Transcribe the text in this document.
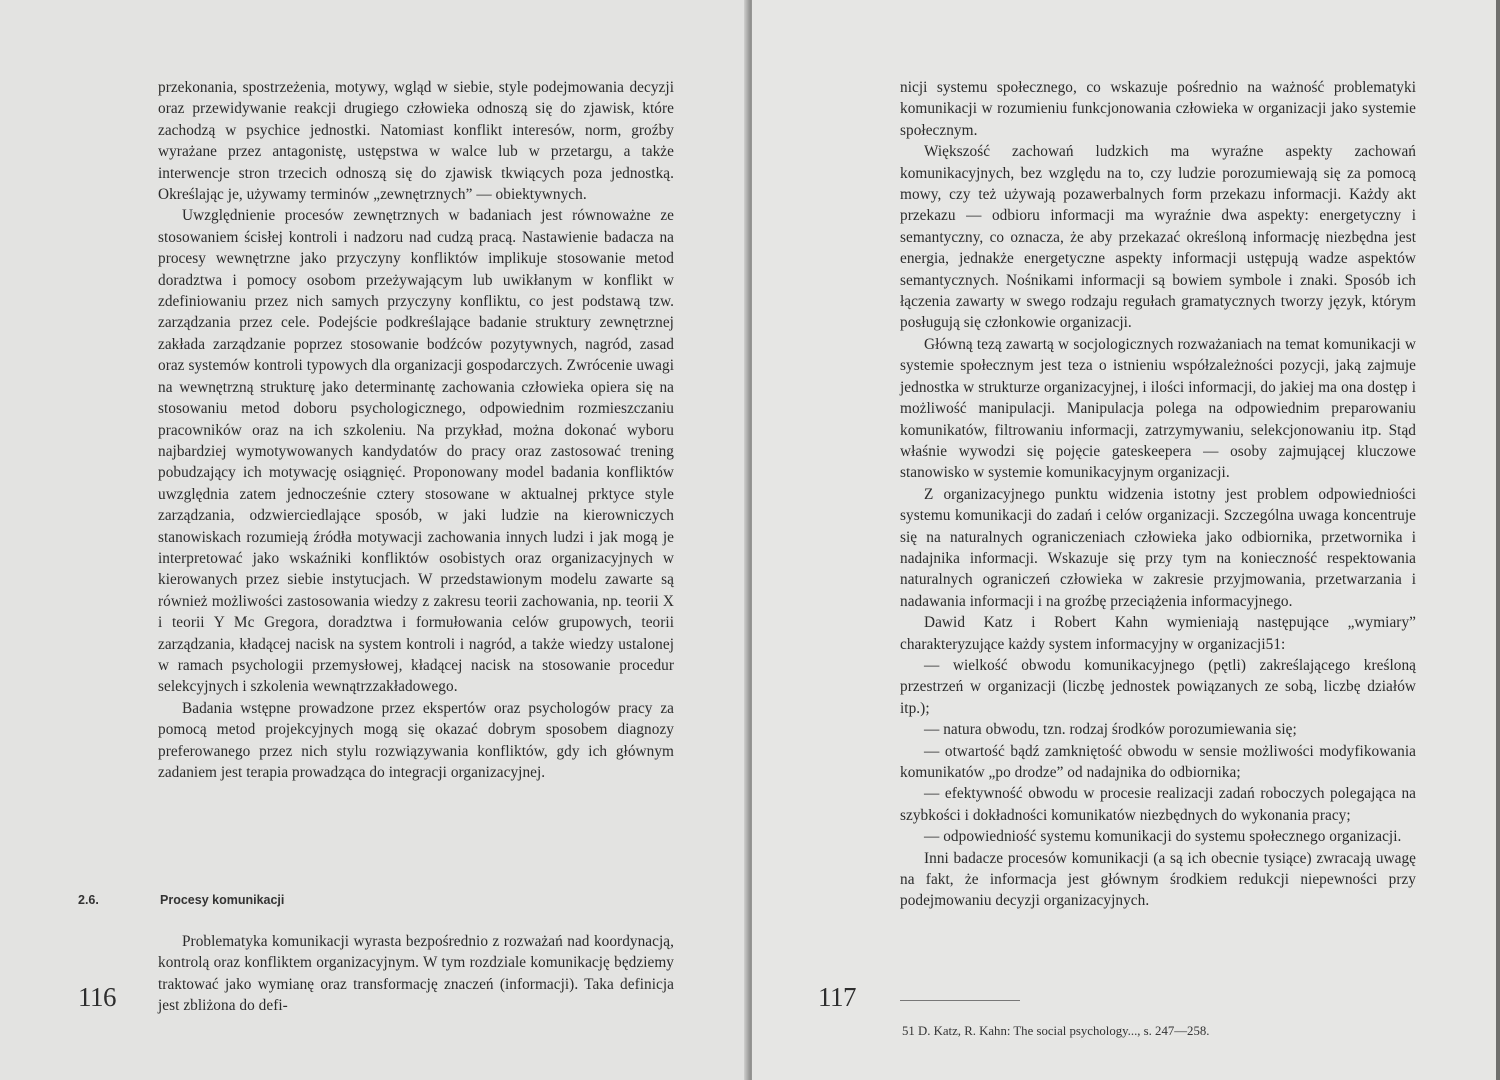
przekonania, spostrzeżenia, motywy, wgląd w siebie, style podejmowania decyzji oraz przewidywanie reakcji drugiego człowieka odnoszą się do zjawisk, które zachodzą w psychice jednostki. Natomiast konflikt interesów, norm, groźby wyrażane przez antagonistę, ustępstwa w walce lub w przetargu, a także interwencje stron trzecich odnoszą się do zjawisk tkwiących poza jednostką. Określając je, używamy terminów „zewnętrznych” — obiektywnych.

Uwzględnienie procesów zewnętrznych w badaniach jest równoważne ze stosowaniem ścisłej kontroli i nadzoru nad cudzą pracą. Nastawienie badacza na procesy wewnętrzne jako przyczyny konfliktów implikuje stosowanie metod doradztwa i pomocy osobom przeżywającym lub uwikłanym w konflikt w zdefiniowaniu przez nich samych przyczyny konfliktu, co jest podstawą tzw. zarządzania przez cele. Podejście podkreślające badanie struktury zewnętrznej zakłada zarządzanie poprzez stosowanie bodźców pozytywnych, nagród, zasad oraz systemów kontroli typowych dla organizacji gospodarczych. Zwrócenie uwagi na wewnętrzną strukturę jako determinantę zachowania człowieka opiera się na stosowaniu metod doboru psychologicznego, odpowiednim rozmieszczaniu pracowników oraz na ich szkoleniu. Na przykład, można dokonać wyboru najbardziej wymotywowanych kandydatów do pracy oraz zastosować trening pobudzający ich motywację osiągnięć. Proponowany model badania konfliktów uwzględnia zatem jednocześnie cztery stosowane w aktualnej prktyce style zarządzania, odzwierciedlające sposób, w jaki ludzie na kierowniczych stanowiskach rozumieją źródła motywacji zachowania innych ludzi i jak mogą je interpretować jako wskaźniki konfliktów osobistych oraz organizacyjnych w kierowanych przez siebie instytucjach. W przedstawionym modelu zawarte są również możliwości zastosowania wiedzy z zakresu teorii zachowania, np. teorii X i teorii Y Mc Gregora, doradztwa i formułowania celów grupowych, teorii zarządzania, kładącej nacisk na system kontroli i nagród, a także wiedzy ustalonej w ramach psychologii przemysłowej, kładącej nacisk na stosowanie procedur selekcyjnych i szkolenia wewnątrzzakładowego.

Badania wstępne prowadzone przez ekspertów oraz psychologów pracy za pomocą metod projekcyjnych mogą się okazać dobrym sposobem diagnozy preferowanego przez nich stylu rozwiązywania konfliktów, gdy ich głównym zadaniem jest terapia prowadząca do integracji organizacyjnej.

2.6.	Procesy komunikacji

Problematyka komunikacji wyrasta bezpośrednio z rozważań nad koordynacją, kontrolą oraz konfliktem organizacyjnym. W tym rozdziale komunikację będziemy traktować jako wymianę oraz transformację znaczeń (informacji). Taka definicja jest zbliżona do defi-

116

nicji systemu społecznego, co wskazuje pośrednio na ważność problematyki komunikacji w rozumieniu funkcjonowania człowieka w organizacji jako systemie społecznym.

Większość zachowań ludzkich ma wyraźne aspekty zachowań komunikacyjnych, bez względu na to, czy ludzie porozumiewają się za pomocą mowy, czy też używają pozawerbalnych form przekazu informacji. Każdy akt przekazu — odbioru informacji ma wyraźnie dwa aspekty: energetyczny i semantyczny, co oznacza, że aby przekazać określoną informację niezbędna jest energia, jednakże energetyczne aspekty informacji ustępują wadze aspektów semantycznych. Nośnikami informacji są bowiem symbole i znaki. Sposób ich łączenia zawarty w swego rodzaju regułach gramatycznych tworzy język, którym posługują się członkowie organizacji.

Główną tezą zawartą w socjologicznych rozważaniach na temat komunikacji w systemie społecznym jest teza o istnieniu współzależności pozycji, jaką zajmuje jednostka w strukturze organizacyjnej, i ilości informacji, do jakiej ma ona dostęp i możliwość manipulacji. Manipulacja polega na odpowiednim preparowaniu komunikatów, filtrowaniu informacji, zatrzymywaniu, selekcjonowaniu itp. Stąd właśnie wywodzi się pojęcie gateskeepera — osoby zajmującej kluczowe stanowisko w systemie komunikacyjnym organizacji.

Z organizacyjnego punktu widzenia istotny jest problem odpowiedniości systemu komunikacji do zadań i celów organizacji. Szczególna uwaga koncentruje się na naturalnych ograniczeniach człowieka jako odbiornika, przetwornika i nadajnika informacji. Wskazuje się przy tym na konieczność respektowania naturalnych ograniczeń człowieka w zakresie przyjmowania, przetwarzania i nadawania informacji i na groźbę przeciążenia informacyjnego.

Dawid Katz i Robert Kahn wymieniają następujące „wymiary” charakteryzujące każdy system informacyjny w organizacji51:

— wielkość obwodu komunikacyjnego (pętli) zakreślającego kreśloną przestrzeń w organizacji (liczbę jednostek powiązanych ze sobą, liczbę działów itp.);

— natura obwodu, tzn. rodzaj środków porozumiewania się;

— otwartość bądź zamkniętość obwodu w sensie możliwości modyfikowania komunikatów „po drodze” od nadajnika do odbiornika;

— efektywność obwodu w procesie realizacji zadań roboczych polegająca na szybkości i dokładności komunikatów niezbędnych do wykonania pracy;

— odpowiedniość systemu komunikacji do systemu społecznego organizacji.

Inni badacze procesów komunikacji (a są ich obecnie tysiące) zwracają uwagę na fakt, że informacja jest głównym środkiem redukcji niepewności przy podejmowaniu decyzji organizacyjnych.

117
51 D. Katz, R. Kahn: The social psychology..., s. 247—258.
